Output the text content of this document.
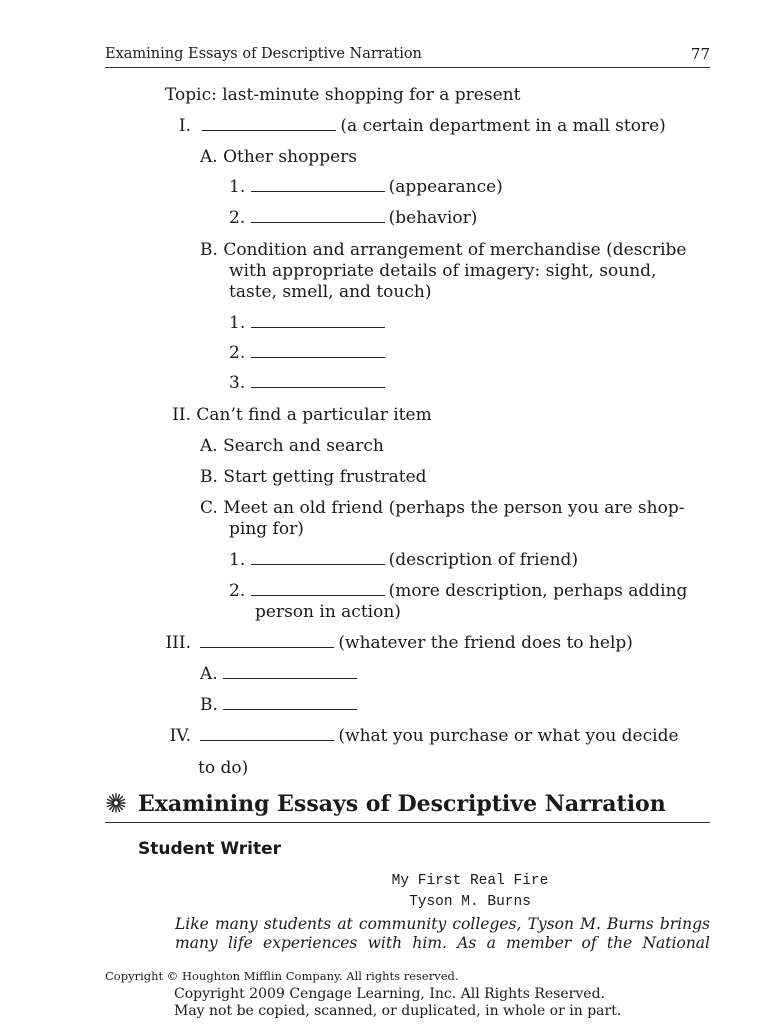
Examining Essays of Descriptive Narration	77
Topic: last-minute shopping for a present
I.	(a certain department in a mall store)
A. Other shoppers
1.	(appearance)
2.	(behavior)
B. Condition and arrangement of merchandise (describe
with appropriate details of imagery: sight, sound,
taste, smell, and touch)
1.
2.
3.
II. Can’t find a particular item
A. Search and search
B. Start getting frustrated
C. Meet an old friend (perhaps the person you are shop-
ping for)
1.	(description of friend)
2.	(more description, perhaps adding
person in action)
III.	(whatever the friend does to help)
A.
B.
IV.	(what you purchase or what you decide
to do)
Examining Essays of Descriptive Narration
Student Writer
My First Real Fire
Tyson M. Burns
Like many students at community colleges, Tyson M. Burns brings
many life experiences with him. As a member of the National
Copyright © Houghton Mifflin Company. All rights reserved.
Copyright 2009 Cengage Learning, Inc. All Rights Reserved.
May not be copied, scanned, or duplicated, in whole or in part.
